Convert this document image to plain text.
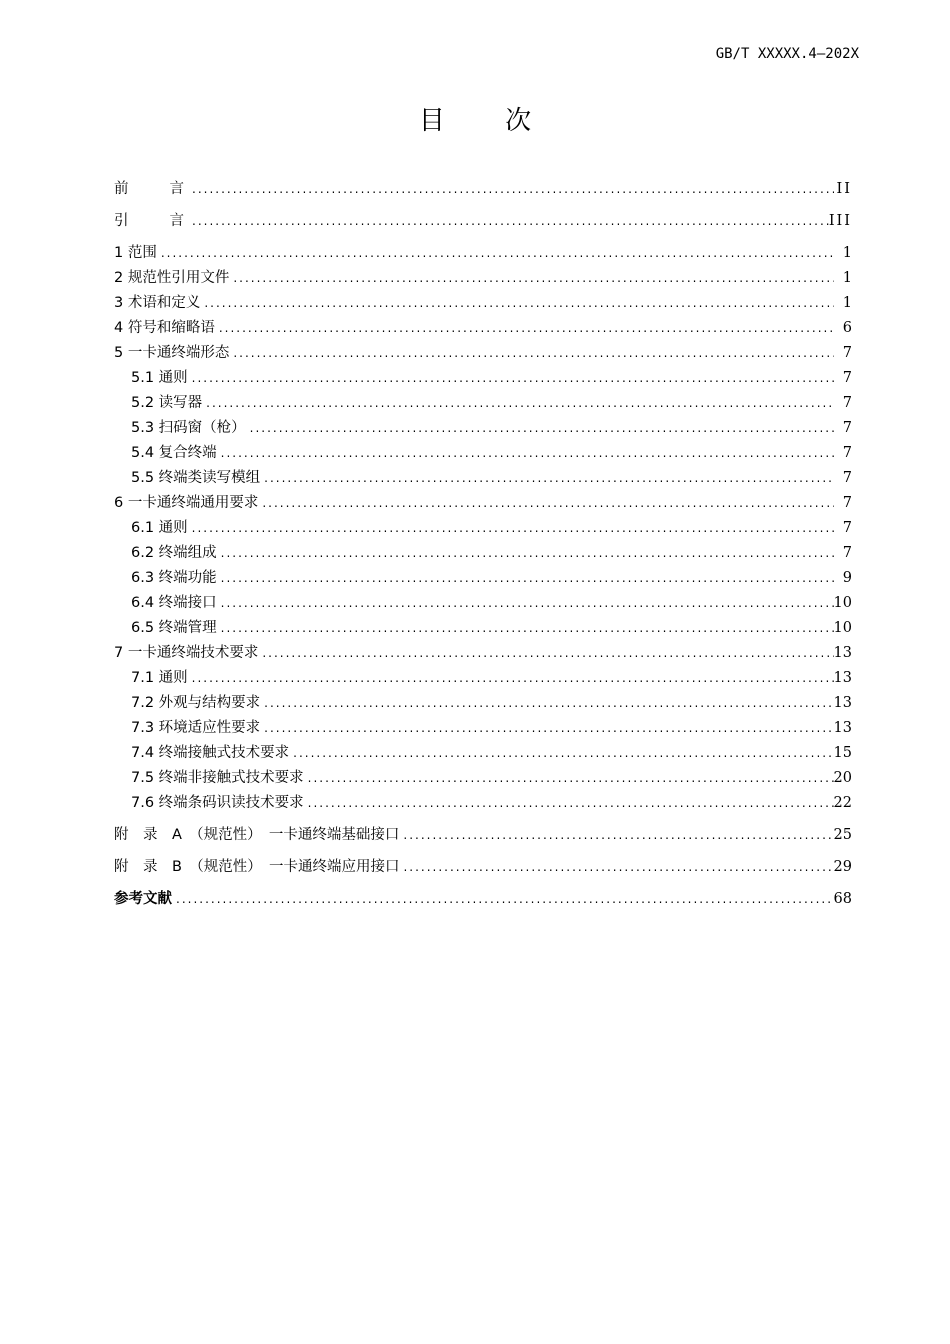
GB/T XXXXX.4—202X
目 次
前　　言 .....	II
引　　言 .....	III
1 范围 .....	1
2 规范性引用文件 .....	1
3 术语和定义 .....	1
4 符号和缩略语 .....	6
5 一卡通终端形态 .....	7
5.1 通则 .....	7
5.2 读写器 .....	7
5.3 扫码窗（枪） .....	7
5.4 复合终端 .....	7
5.5 终端类读写模组 .....	7
6 一卡通终端通用要求 .....	7
6.1 通则 .....	7
6.2 终端组成 .....	7
6.3 终端功能 .....	9
6.4 终端接口 .....	10
6.5 终端管理 .....	10
7 一卡通终端技术要求 .....	13
7.1 通则 .....	13
7.2 外观与结构要求 .....	13
7.3 环境适应性要求 .....	13
7.4 终端接触式技术要求 .....	15
7.5 终端非接触式技术要求 .....	20
7.6 终端条码识读技术要求 .....	22
附　录　A　（规范性）　一卡通终端基础接口 .....	25
附　录　B　（规范性）　一卡通终端应用接口 .....	29
参考文献 .....	68
